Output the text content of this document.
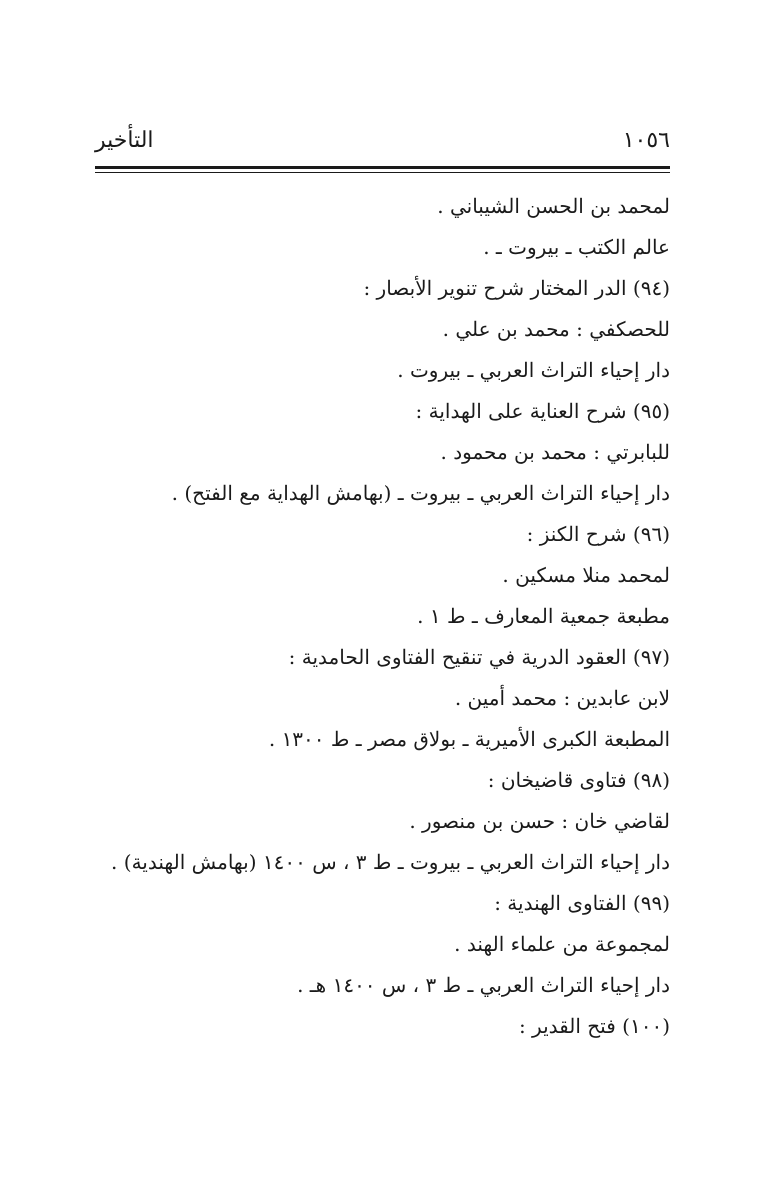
التأخير	١٠٥٦
لمحمد بن الحسن الشيباني .
عالم الكتب ـ بيروت ـ .
(٩٤) الدر المختار شرح تنوير الأبصار :
للحصكفي : محمد بن علي .
دار إحياء التراث العربي ـ بيروت .
(٩٥) شرح العناية على الهداية :
للبابرتي : محمد بن محمود .
دار إحياء التراث العربي ـ بيروت ـ (بهامش الهداية مع الفتح) .
(٩٦) شرح الكنز :
لمحمد منلا مسكين .
مطبعة جمعية المعارف ـ ط ١ .
(٩٧) العقود الدرية في تنقيح الفتاوى الحامدية :
لابن عابدين : محمد أمين .
المطبعة الكبرى الأميرية ـ بولاق مصر ـ ط ١٣٠٠ .
(٩٨) فتاوى قاضيخان :
لقاضي خان : حسن بن منصور .
دار إحياء التراث العربي ـ بيروت ـ ط ٣ ، س ١٤٠٠ (بهامش الهندية) .
(٩٩) الفتاوى الهندية :
لمجموعة من علماء الهند .
دار إحياء التراث العربي ـ ط ٣ ، س ١٤٠٠ هـ .
(١٠٠) فتح القدير :
